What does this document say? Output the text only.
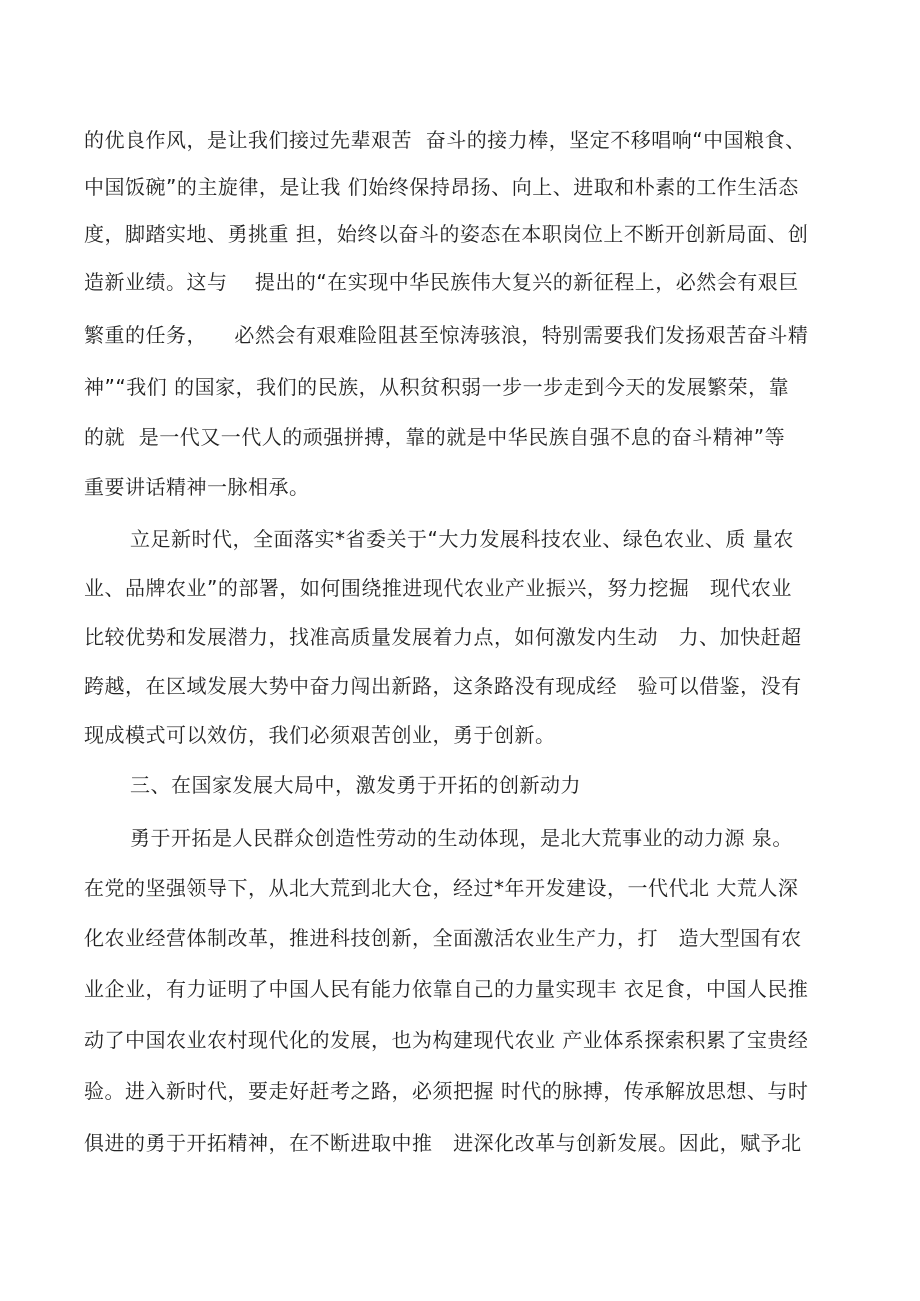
的优良作风，是让我们接过先辈艰苦  奋斗的接力棒，坚定不移唱响“中国粮食、
中国饭碗”的主旋律，是让我 们始终保持昂扬、向上、进取和朴素的工作生活态
度，脚踏实地、勇挑重 担，始终以奋斗的姿态在本职岗位上不断开创新局面、创
造新业绩。这与    提出的“在实现中华民族伟大复兴的新征程上，必然会有艰巨
繁重的任务，    必然会有艰难险阻甚至惊涛骇浪，特别需要我们发扬艰苦奋斗精
神”“我们 的国家，我们的民族，从积贫积弱一步一步走到今天的发展繁荣，靠
的就  是一代又一代人的顽强拼搏，靠的就是中华民族自强不息的奋斗精神”等
重要讲话精神一脉相承。
立足新时代，全面落实*省委关于“大力发展科技农业、绿色农业、质 量农
业、品牌农业”的部署，如何围绕推进现代农业产业振兴，努力挖掘   现代农业
比较优势和发展潜力，找准高质量发展着力点，如何激发内生动   力、加快赶超
跨越，在区域发展大势中奋力闯出新路，这条路没有现成经   验可以借鉴，没有
现成模式可以效仿，我们必须艰苦创业，勇于创新。
三、在国家发展大局中，激发勇于开拓的创新动力
勇于开拓是人民群众创造性劳动的生动体现，是北大荒事业的动力源 泉。
在党的坚强领导下，从北大荒到北大仓，经过*年开发建设，一代代北 大荒人深
化农业经营体制改革，推进科技创新，全面激活农业生产力，打   造大型国有农
业企业，有力证明了中国人民有能力依靠自己的力量实现丰 衣足食，中国人民推
动了中国农业农村现代化的发展，也为构建现代农业 产业体系探索积累了宝贵经
验。进入新时代，要走好赶考之路，必须把握 时代的脉搏，传承解放思想、与时
俱进的勇于开拓精神，在不断进取中推   进深化改革与创新发展。因此，赋予北
